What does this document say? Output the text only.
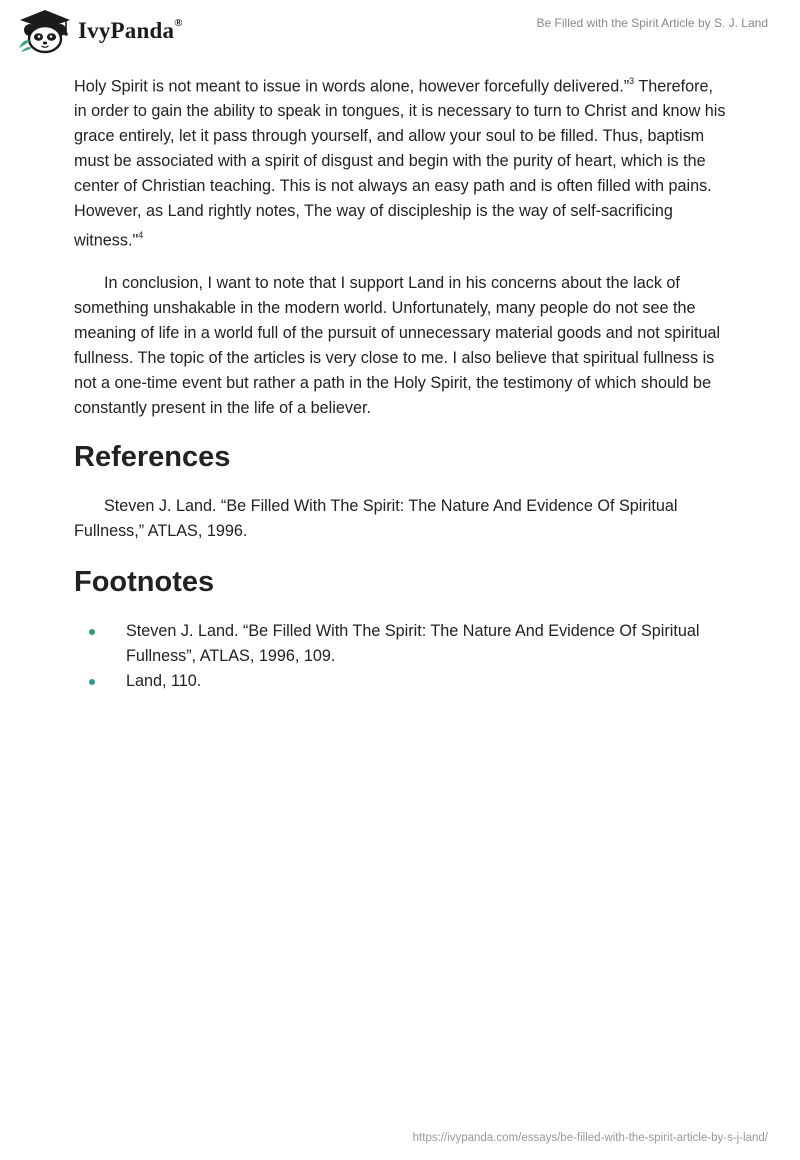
IvyPanda®	Be Filled with the Spirit Article by S. J. Land

Holy Spirit is not meant to issue in words alone, however forcefully delivered.”$^3$ Therefore, in order to gain the ability to speak in tongues, it is necessary to turn to Christ and know his grace entirely, let it pass through yourself, and allow your soul to be filled. Thus, baptism must be associated with a spirit of disgust and begin with the purity of heart, which is the center of Christian teaching. This is not always an easy path and is often filled with pains. However, as Land rightly notes, The way of discipleship is the way of self-sacrificing witness."$^4$

In conclusion, I want to note that I support Land in his concerns about the lack of something unshakable in the modern world. Unfortunately, many people do not see the meaning of life in a world full of the pursuit of unnecessary material goods and not spiritual fullness. The topic of the articles is very close to me. I also believe that spiritual fullness is not a one-time event but rather a path in the Holy Spirit, the testimony of which should be constantly present in the life of a believer.

References

Steven J. Land. “Be Filled With The Spirit: The Nature And Evidence Of Spiritual Fullness,” ATLAS, 1996.

Footnotes
Steven J. Land. “Be Filled With The Spirit: The Nature And Evidence Of Spiritual Fullness”, ATLAS, 1996, 109.
Land, 110.
https://ivypanda.com/essays/be-filled-with-the-spirit-article-by-s-j-land/
